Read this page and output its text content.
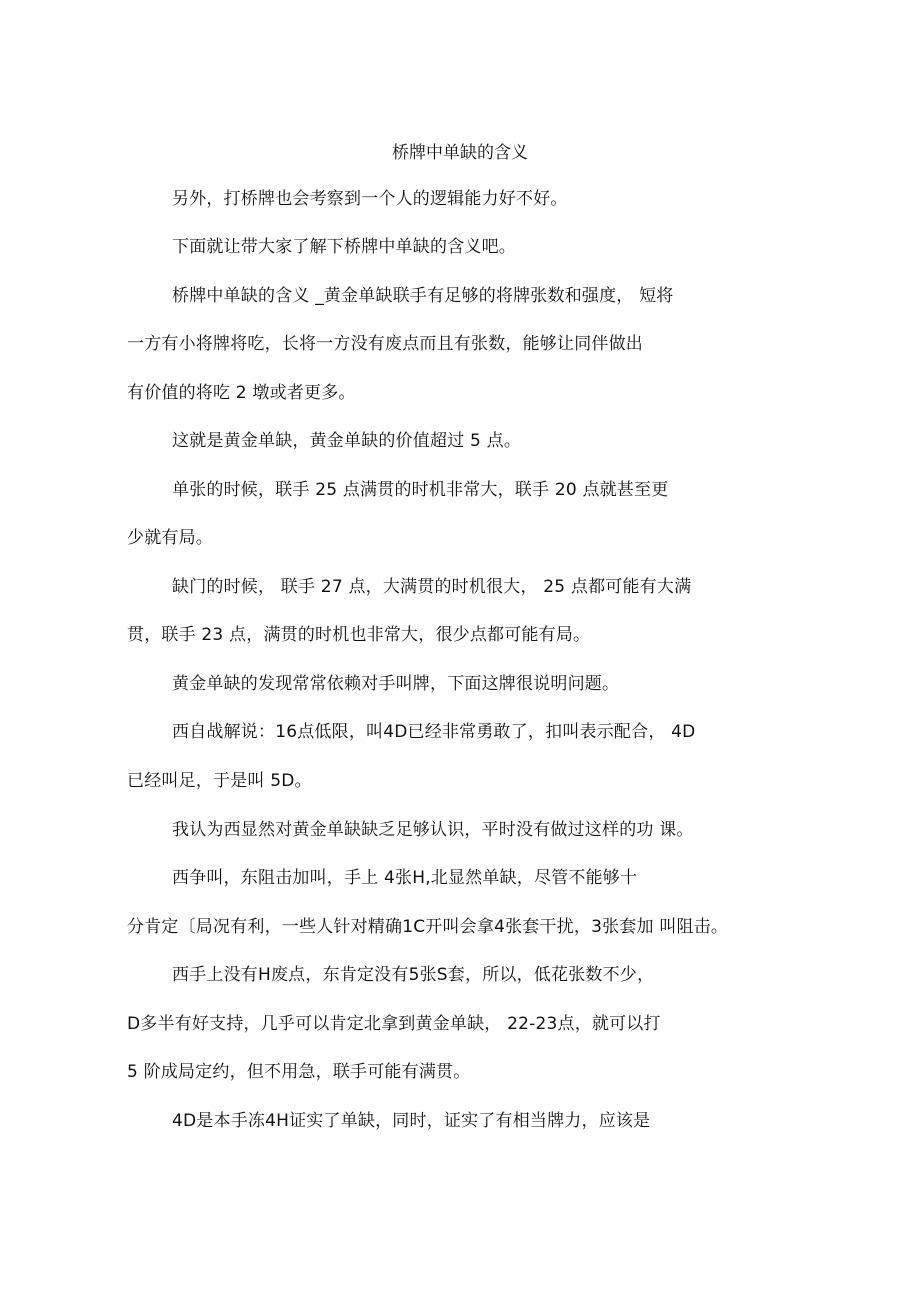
桥牌中单缺的含义
另外，打桥牌也会考察到一个人的逻辑能力好不好。
下面就让带大家了解下桥牌中单缺的含义吧。
桥牌中单缺的含义 _黄金单缺联手有足够的将牌张数和强度， 短将
一方有小将牌将吃，长将一方没有废点而且有张数，能够让同伴做出
有价值的将吃 2 墩或者更多。
这就是黄金单缺，黄金单缺的价值超过 5 点。
单张的时候，联手 25 点满贯的时机非常大，联手 20 点就甚至更
少就有局。
缺门的时候， 联手 27 点，大满贯的时机很大， 25 点都可能有大满
贯，联手 23 点，满贯的时机也非常大，很少点都可能有局。
黄金单缺的发现常常依赖对手叫牌，下面这牌很说明问题。
西自战解说：16点低限，叫4D已经非常勇敢了，扣叫表示配合， 4D
已经叫足，于是叫 5D。
我认为西显然对黄金单缺缺乏足够认识，平时没有做过这样的功 课。
西争叫，东阻击加叫，手上 4张H,北显然单缺，尽管不能够十
分肯定〔局况有利，一些人针对精确1C开叫会拿4张套干扰，3张套加 叫阻击。
西手上没有H废点，东肯定没有5张S套，所以，低花张数不少，
D多半有好支持，几乎可以肯定北拿到黄金单缺， 22-23点，就可以打
5 阶成局定约，但不用急，联手可能有满贯。
4D是本手冻4H证实了单缺，同时，证实了有相当牌力，应该是
